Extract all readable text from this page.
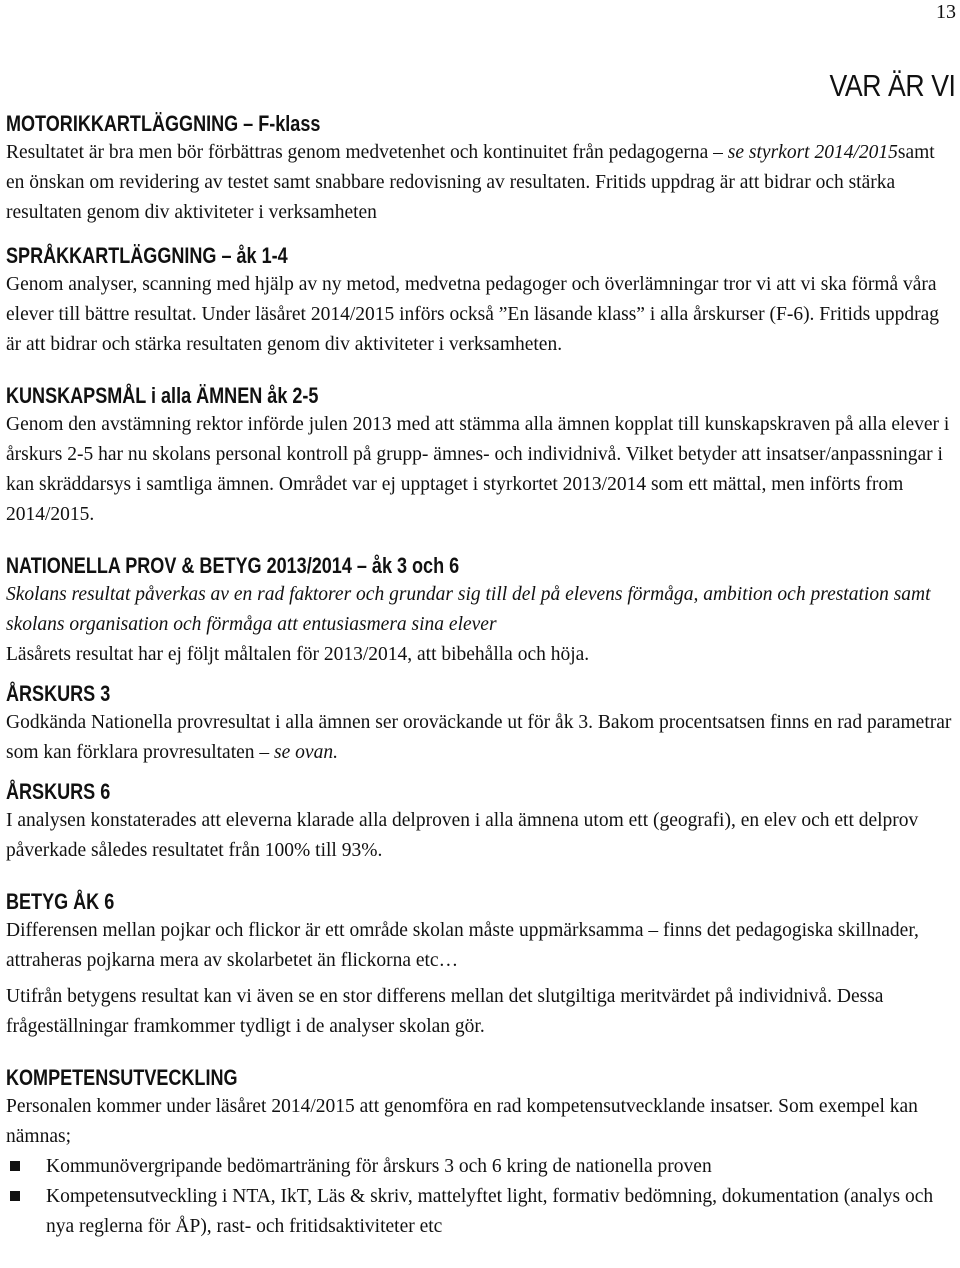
13
VAR ÄR VI
MOTORIKKARTLÄGGNING – F-klass

Resultatet är bra men bör förbättras genom medvetenhet och kontinuitet från pedagogerna – se styrkort 2014/2015samt en önskan om revidering av testet samt snabbare redovisning av resultaten. Fritids uppdrag är att bidrar och stärka resultaten genom div aktiviteter i verksamheten

SPRÅKKARTLÄGGNING – åk 1-4

Genom analyser, scanning med hjälp av ny metod, medvetna pedagoger och överlämningar tror vi att vi ska förmå våra elever till bättre resultat. Under läsåret 2014/2015 införs också ”En läsande klass” i alla årskurser (F-6). Fritids uppdrag är att bidrar och stärka resultaten genom div aktiviteter i verksamheten.

KUNSKAPSMÅL i alla ÄMNEN åk 2-5

Genom den avstämning rektor införde julen 2013 med att stämma alla ämnen kopplat till kunskapskraven på alla elever i årskurs 2-5 har nu skolans personal kontroll på grupp- ämnes- och individnivå. Vilket betyder att insatser/anpassningar i kan skräddarsys i samtliga ämnen. Området var ej upptaget i styrkortet 2013/2014 som ett mättal, men införts from 2014/2015.

NATIONELLA PROV & BETYG 2013/2014 – åk 3 och 6

Skolans resultat påverkas av en rad faktorer och grundar sig till del på elevens förmåga, ambition och prestation samt skolans organisation och förmåga att entusiasmera sina elever

Läsårets resultat har ej följt måltalen för 2013/2014, att bibehålla och höja.

ÅRSKURS 3

Godkända Nationella provresultat i alla ämnen ser oroväckande ut för åk 3. Bakom procentsatsen finns en rad parametrar som kan förklara provresultaten – se ovan.

ÅRSKURS 6

I analysen konstaterades att eleverna klarade alla delproven i alla ämnena utom ett (geografi), en elev och ett delprov påverkade således resultatet från 100% till 93%.

BETYG ÅK 6

Differensen mellan pojkar och flickor är ett område skolan måste uppmärksamma – finns det pedagogiska skillnader, attraheras pojkarna mera av skolarbetet än flickorna etc…

Utifrån betygens resultat kan vi även se en stor differens mellan det slutgiltiga meritvärdet på individnivå. Dessa frågeställningar framkommer tydligt i de analyser skolan gör.

KOMPETENSUTVECKLING

Personalen kommer under läsåret 2014/2015 att genomföra en rad kompetensutvecklande insatser. Som exempel kan nämnas;

Kommunövergripande bedömarträning för årskurs 3 och 6 kring de nationella proven
Kompetensutveckling i NTA, IkT, Läs & skriv, mattelyftet light, formativ bedömning, dokumentation (analys och nya reglerna för ÅP), rast- och fritidsaktiviteter etc
